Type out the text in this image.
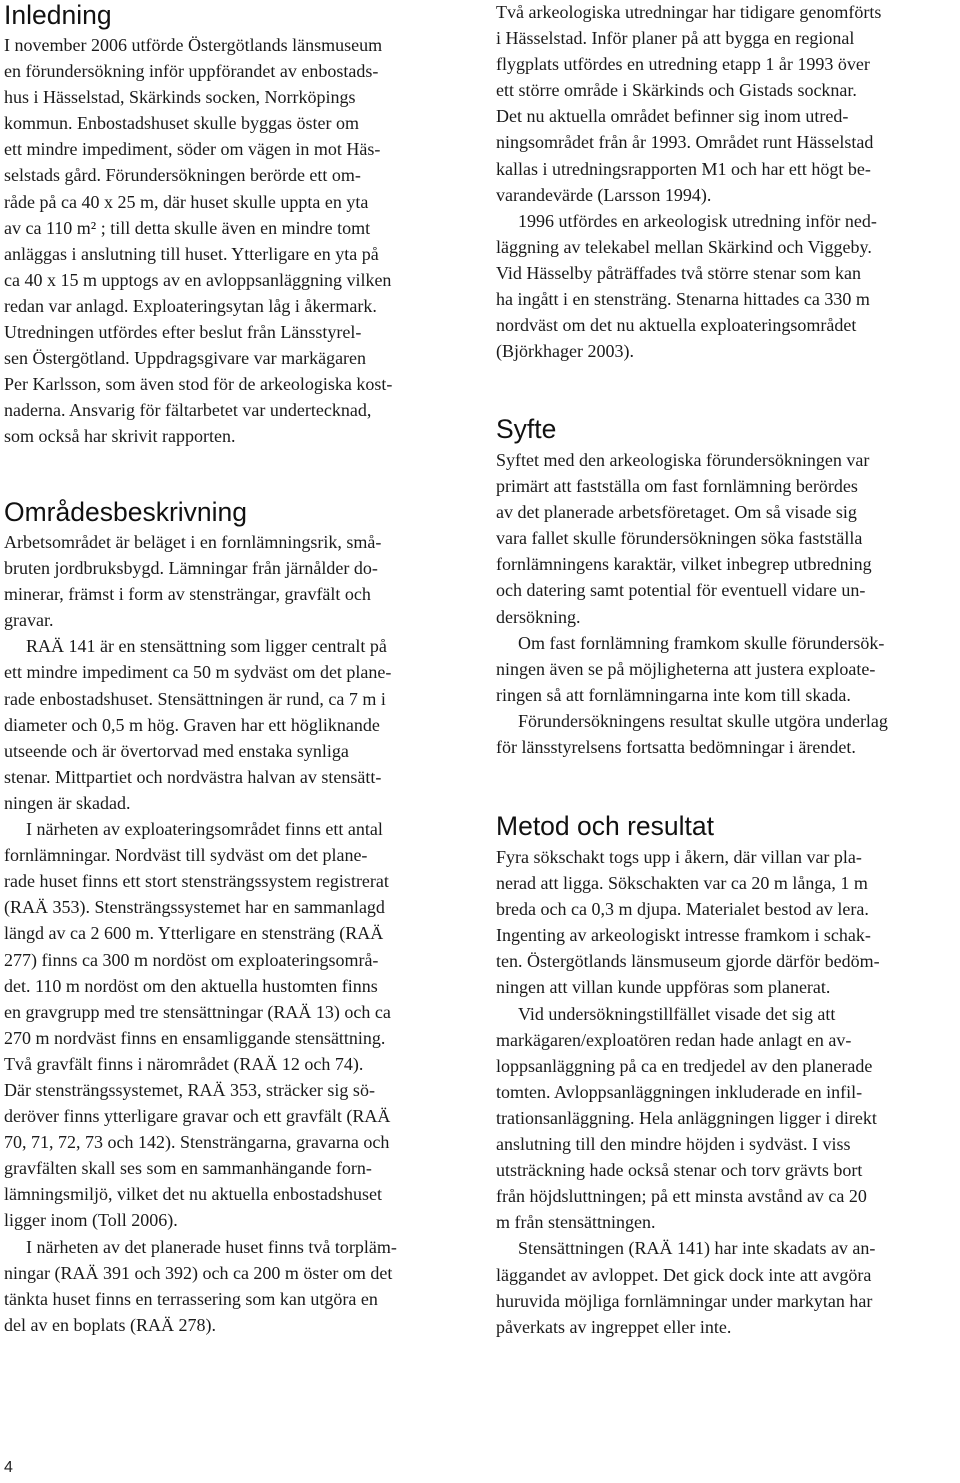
Inledning

I november 2006 utförde Östergötlands länsmuseum
en förundersökning inför uppförandet av enbostads-
hus i Hässelstad, Skärkinds socken, Norrköpings
kommun. Enbostadshuset skulle byggas öster om
ett mindre impediment, söder om vägen in mot Häs-
selstads gård. Förundersökningen berörde ett om-
råde på ca 40 x 25 m, där huset skulle uppta en yta
av ca 110 m² ; till detta skulle även en mindre tomt
anläggas i anslutning till huset. Ytterligare en yta på
ca 40 x 15 m upptogs av en avloppsanläggning vilken
redan var anlagd. Exploateringsytan låg i åkermark.

Utredningen utfördes efter beslut från Länsstyrel-
sen Östergötland. Uppdragsgivare var markägaren
Per Karlsson, som även stod för de arkeologiska kost-
naderna. Ansvarig för fältarbetet var undertecknad,
som också har skrivit rapporten.

Områdesbeskrivning

Arbetsområdet är beläget i en fornlämningsrik, små-
bruten jordbruksbygd. Lämningar från järnålder do-
minerar, främst i form av stensträngar, gravfält och
gravar.

RAÄ 141 är en stensättning som ligger centralt på
ett mindre impediment ca 50 m sydväst om det plane-
rade enbostadshuset. Stensättningen är rund, ca 7 m i
diameter och 0,5 m hög. Graven har ett högliknande
utseende och är övertorvad med enstaka synliga
stenar. Mittpartiet och nordvästra halvan av stensätt-
ningen är skadad.

I närheten av exploateringsområdet finns ett antal
fornlämningar. Nordväst till sydväst om det plane-
rade huset finns ett stort stensträngssystem registrerat
(RAÄ 353). Stensträngssystemet har en sammanlagd
längd av ca 2 600 m. Ytterligare en stensträng (RAÄ
277) finns ca 300 m nordöst om exploateringsområ-
det. 110 m nordöst om den aktuella hustomten finns
en gravgrupp med tre stensättningar (RAÄ 13) och ca
270 m nordväst finns en ensamliggande stensättning.
Två gravfält finns i närområdet (RAÄ 12 och 74).
Där stensträngssystemet, RAÄ 353, sträcker sig sö-
deröver finns ytterligare gravar och ett gravfält (RAÄ
70, 71, 72, 73 och 142). Stensträngarna, gravarna och
gravfälten skall ses som en sammanhängande forn-
lämningsmiljö, vilket det nu aktuella enbostadshuset
ligger inom (Toll 2006).

I närheten av det planerade huset finns två torpläm-
ningar (RAÄ 391 och 392) och ca 200 m öster om det
tänkta huset finns en terrassering som kan utgöra en
del av en boplats (RAÄ 278).

Två arkeologiska utredningar har tidigare genomförts
i Hässelstad. Inför planer på att bygga en regional
flygplats utfördes en utredning etapp 1 år 1993 över
ett större område i Skärkinds och Gistads socknar.
Det nu aktuella området befinner sig inom utred-
ningsområdet från år 1993. Området runt Hässelstad
kallas i utredningsrapporten M1 och har ett högt be-
varandevärde (Larsson 1994).

1996 utfördes en arkeologisk utredning inför ned-
läggning av telekabel mellan Skärkind och Viggeby.
Vid Hässelby påträffades två större stenar som kan
ha ingått i en stensträng. Stenarna hittades ca 330 m
nordväst om det nu aktuella exploateringsområdet
(Björkhager 2003).

Syfte

Syftet med den arkeologiska förundersökningen var
primärt att fastställa om fast fornlämning berördes
av det planerade arbetsföretaget. Om så visade sig
vara fallet skulle förundersökningen söka fastställa
fornlämningens karaktär, vilket inbegrep utbredning
och datering samt potential för eventuell vidare un-
dersökning.

Om fast fornlämning framkom skulle förundersök-
ningen även se på möjligheterna att justera exploate-
ringen så att fornlämningarna inte kom till skada.

Förundersökningens resultat skulle utgöra underlag
för länsstyrelsens fortsatta bedömningar i ärendet.

Metod och resultat

Fyra sökschakt togs upp i åkern, där villan var pla-
nerad att ligga. Sökschakten var ca 20 m långa, 1 m
breda och ca 0,3 m djupa. Materialet bestod av lera.
Ingenting av arkeologiskt intresse framkom i schak-
ten. Östergötlands länsmuseum gjorde därför bedöm-
ningen att villan kunde uppföras som planerat.

Vid undersökningstillfället visade det sig att
markägaren/exploatören redan hade anlagt en av-
loppsanläggning på ca en tredjedel av den planerade
tomten. Avloppsanläggningen inkluderade en infil-
trationsanläggning. Hela anläggningen ligger i direkt
anslutning till den mindre höjden i sydväst. I viss
utsträckning hade också stenar och torv grävts bort
från höjdsluttningen; på ett minsta avstånd av ca 20
m från stensättningen.

Stensättningen (RAÄ 141) har inte skadats av an-
läggandet av avloppet. Det gick dock inte att avgöra
huruvida möjliga fornlämningar under markytan har
påverkats av ingreppet eller inte.

4
